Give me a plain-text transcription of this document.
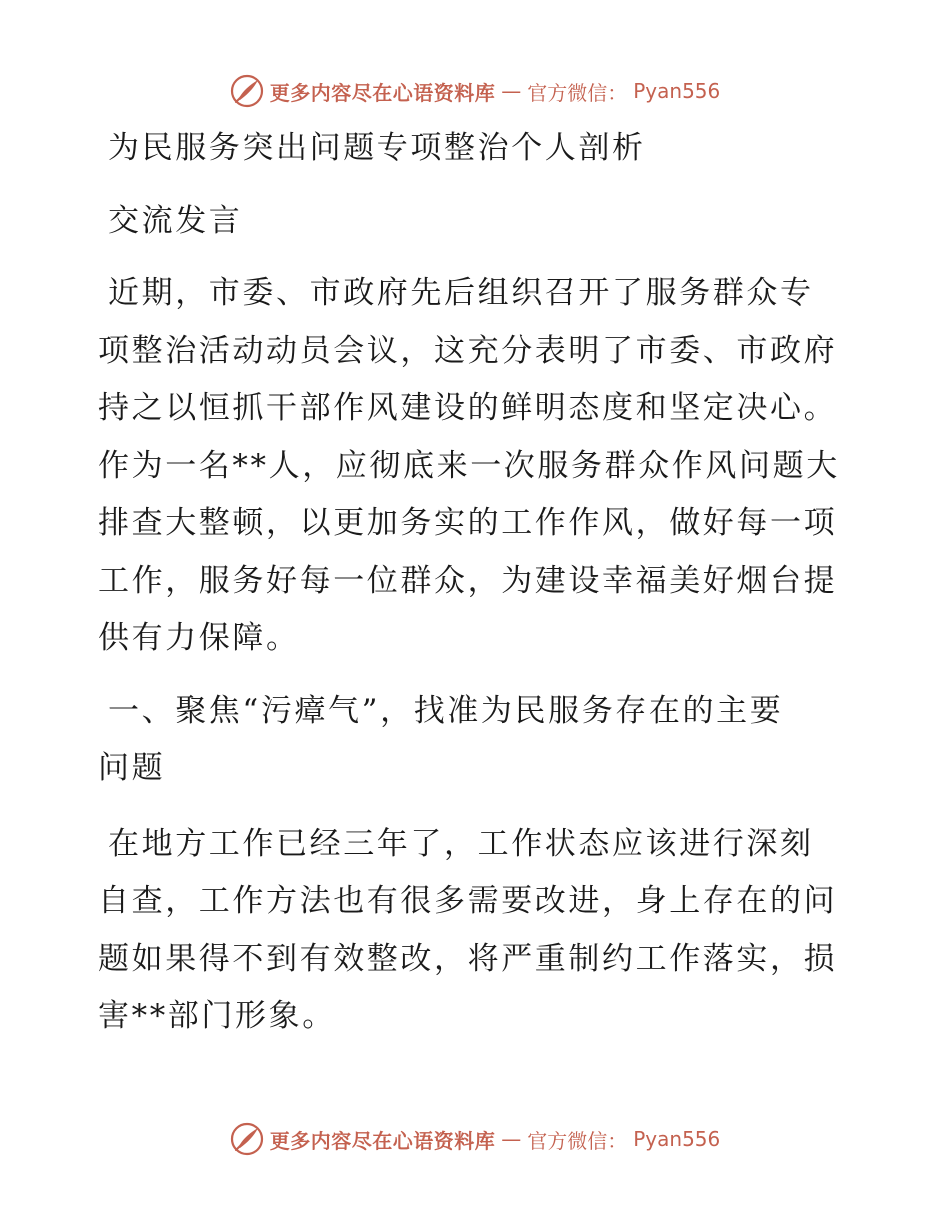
更多内容尽在心语资料库 — 官方微信： Pyan556

为民服务突出问题专项整治个人剖析

交流发言

近期，市委、市政府先后组织召开了服务群众专

项整治活动动员会议，这充分表明了市委、市政府

持之以恒抓干部作风建设的鲜明态度和坚定决心。

作为一名**人，应彻底来一次服务群众作风问题大

排查大整顿，以更加务实的工作作风，做好每一项

工作，服务好每一位群众，为建设幸福美好烟台提

供有力保障。

一、聚焦“污瘴气”，找准为民服务存在的主要

问题

在地方工作已经三年了，工作状态应该进行深刻

自查，工作方法也有很多需要改进，身上存在的问

题如果得不到有效整改，将严重制约工作落实，损

害**部门形象。

更多内容尽在心语资料库 — 官方微信： Pyan556
